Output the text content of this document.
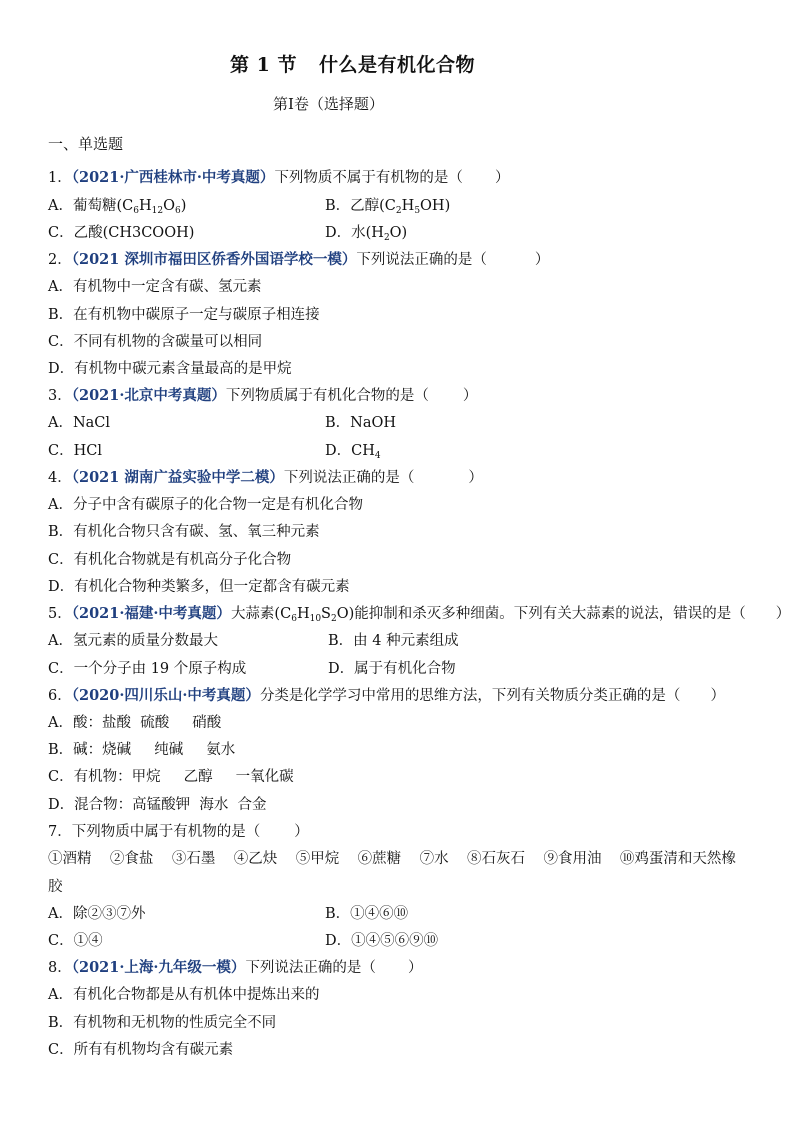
第 1 节 什么是有机化合物
第I卷（选择题）
一、单选题
1．（2021·广西桂林市·中考真题）下列物质不属于有机物的是（ ）
A．葡萄糖$(C_6H_{12}O_6)$	B．乙醇$(C_2H_5OH)$
C．乙酸(CH3COOH)	D．水$(H_2O)$
2．（2021 深圳市福田区侨香外国语学校一模）下列说法正确的是（	）
A．有机物中一定含有碳、氢元素
B．在有机物中碳原子一定与碳原子相连接
C．不同有机物的含碳量可以相同
D．有机物中碳元素含量最高的是甲烷
3．（2021·北京中考真题）下列物质属于有机化合物的是（ ）
A．NaCl	B．NaOH
C．HCl	D．$CH_4$
4．（2021 湖南广益实验中学二模）下列说法正确的是（	）
A．分子中含有碳原子的化合物一定是有机化合物
B．有机化合物只含有碳、氢、氧三种元素
C．有机化合物就是有机高分子化合物
D．有机化合物种类繁多，但一定都含有碳元素
5．（2021·福建·中考真题）大蒜素$(C_6H_{10}S_2O)$能抑制和杀灭多种细菌。下列有关大蒜素的说法，错误的是（ ）
A．氢元素的质量分数最大	B．由 4 种元素组成
C．一个分子由 19 个原子构成	D．属于有机化合物
6．（2020·四川乐山·中考真题）分类是化学学习中常用的思维方法，下列有关物质分类正确的是（ ）
A．酸：盐酸  硫酸     硝酸
B．碱：烧碱     纯碱     氨水
C．有机物：甲烷     乙醇     一氧化碳
D．混合物：高锰酸钾  海水  合金
7．下列物质中属于有机物的是（ ）
①酒精    ②食盐    ③石墨    ④乙炔    ⑤甲烷    ⑥蔗糖    ⑦水    ⑧石灰石    ⑨食用油    ⑩鸡蛋清和天然橡
胶
A．除②③⑦外	B．①④⑥⑩
C．①④	D．①④⑤⑥⑨⑩
8．（2021·上海·九年级一模）下列说法正确的是（ ）
A．有机化合物都是从有机体中提炼出来的
B．有机物和无机物的性质完全不同
C．所有有机物均含有碳元素
